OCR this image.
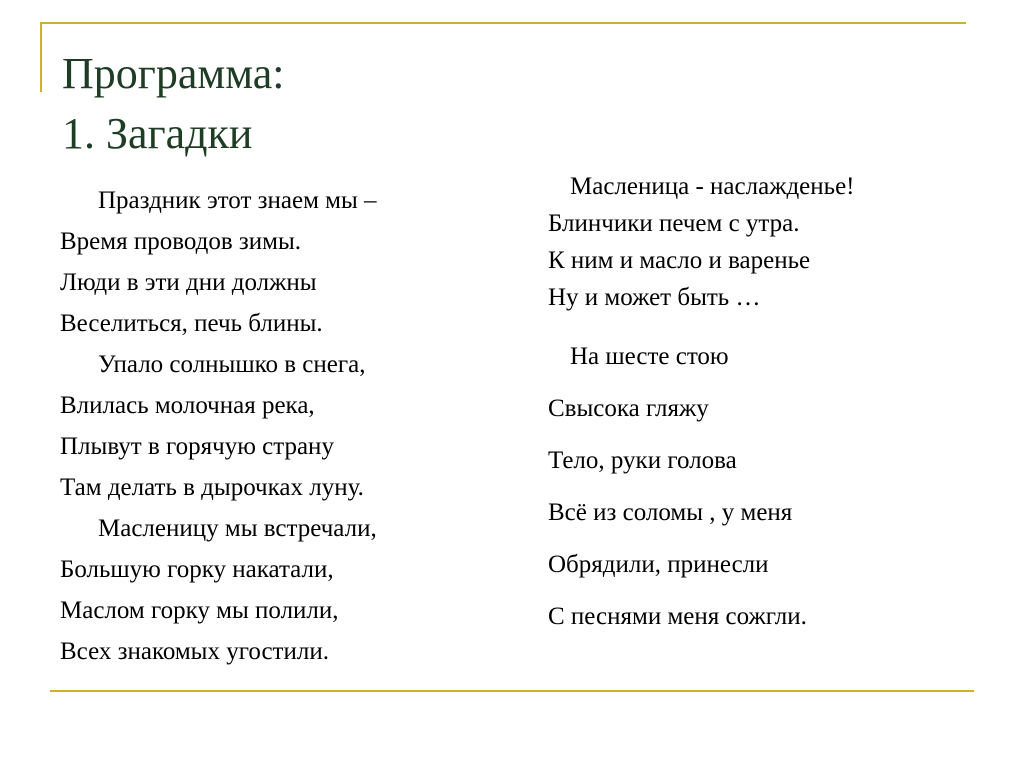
Программа:
1. Загадки
Праздник этот знаем мы –
Время проводов зимы.
Люди в эти дни должны
Веселиться, печь блины.
Упало солнышко в снега,
Влилась молочная река,
Плывут в горячую страну
Там делать в дырочках луну.
Масленицу мы встречали,
Большую горку накатали,
Маслом горку мы полили,
Всех знакомых угостили.
Масленица - наслажденье!
Блинчики печем с утра.
К ним и масло и варенье
Ну и может быть …
На шесте стою
Свысока гляжу
Тело, руки голова
Всё из соломы , у меня
Обрядили, принесли
С песнями меня сожгли.
